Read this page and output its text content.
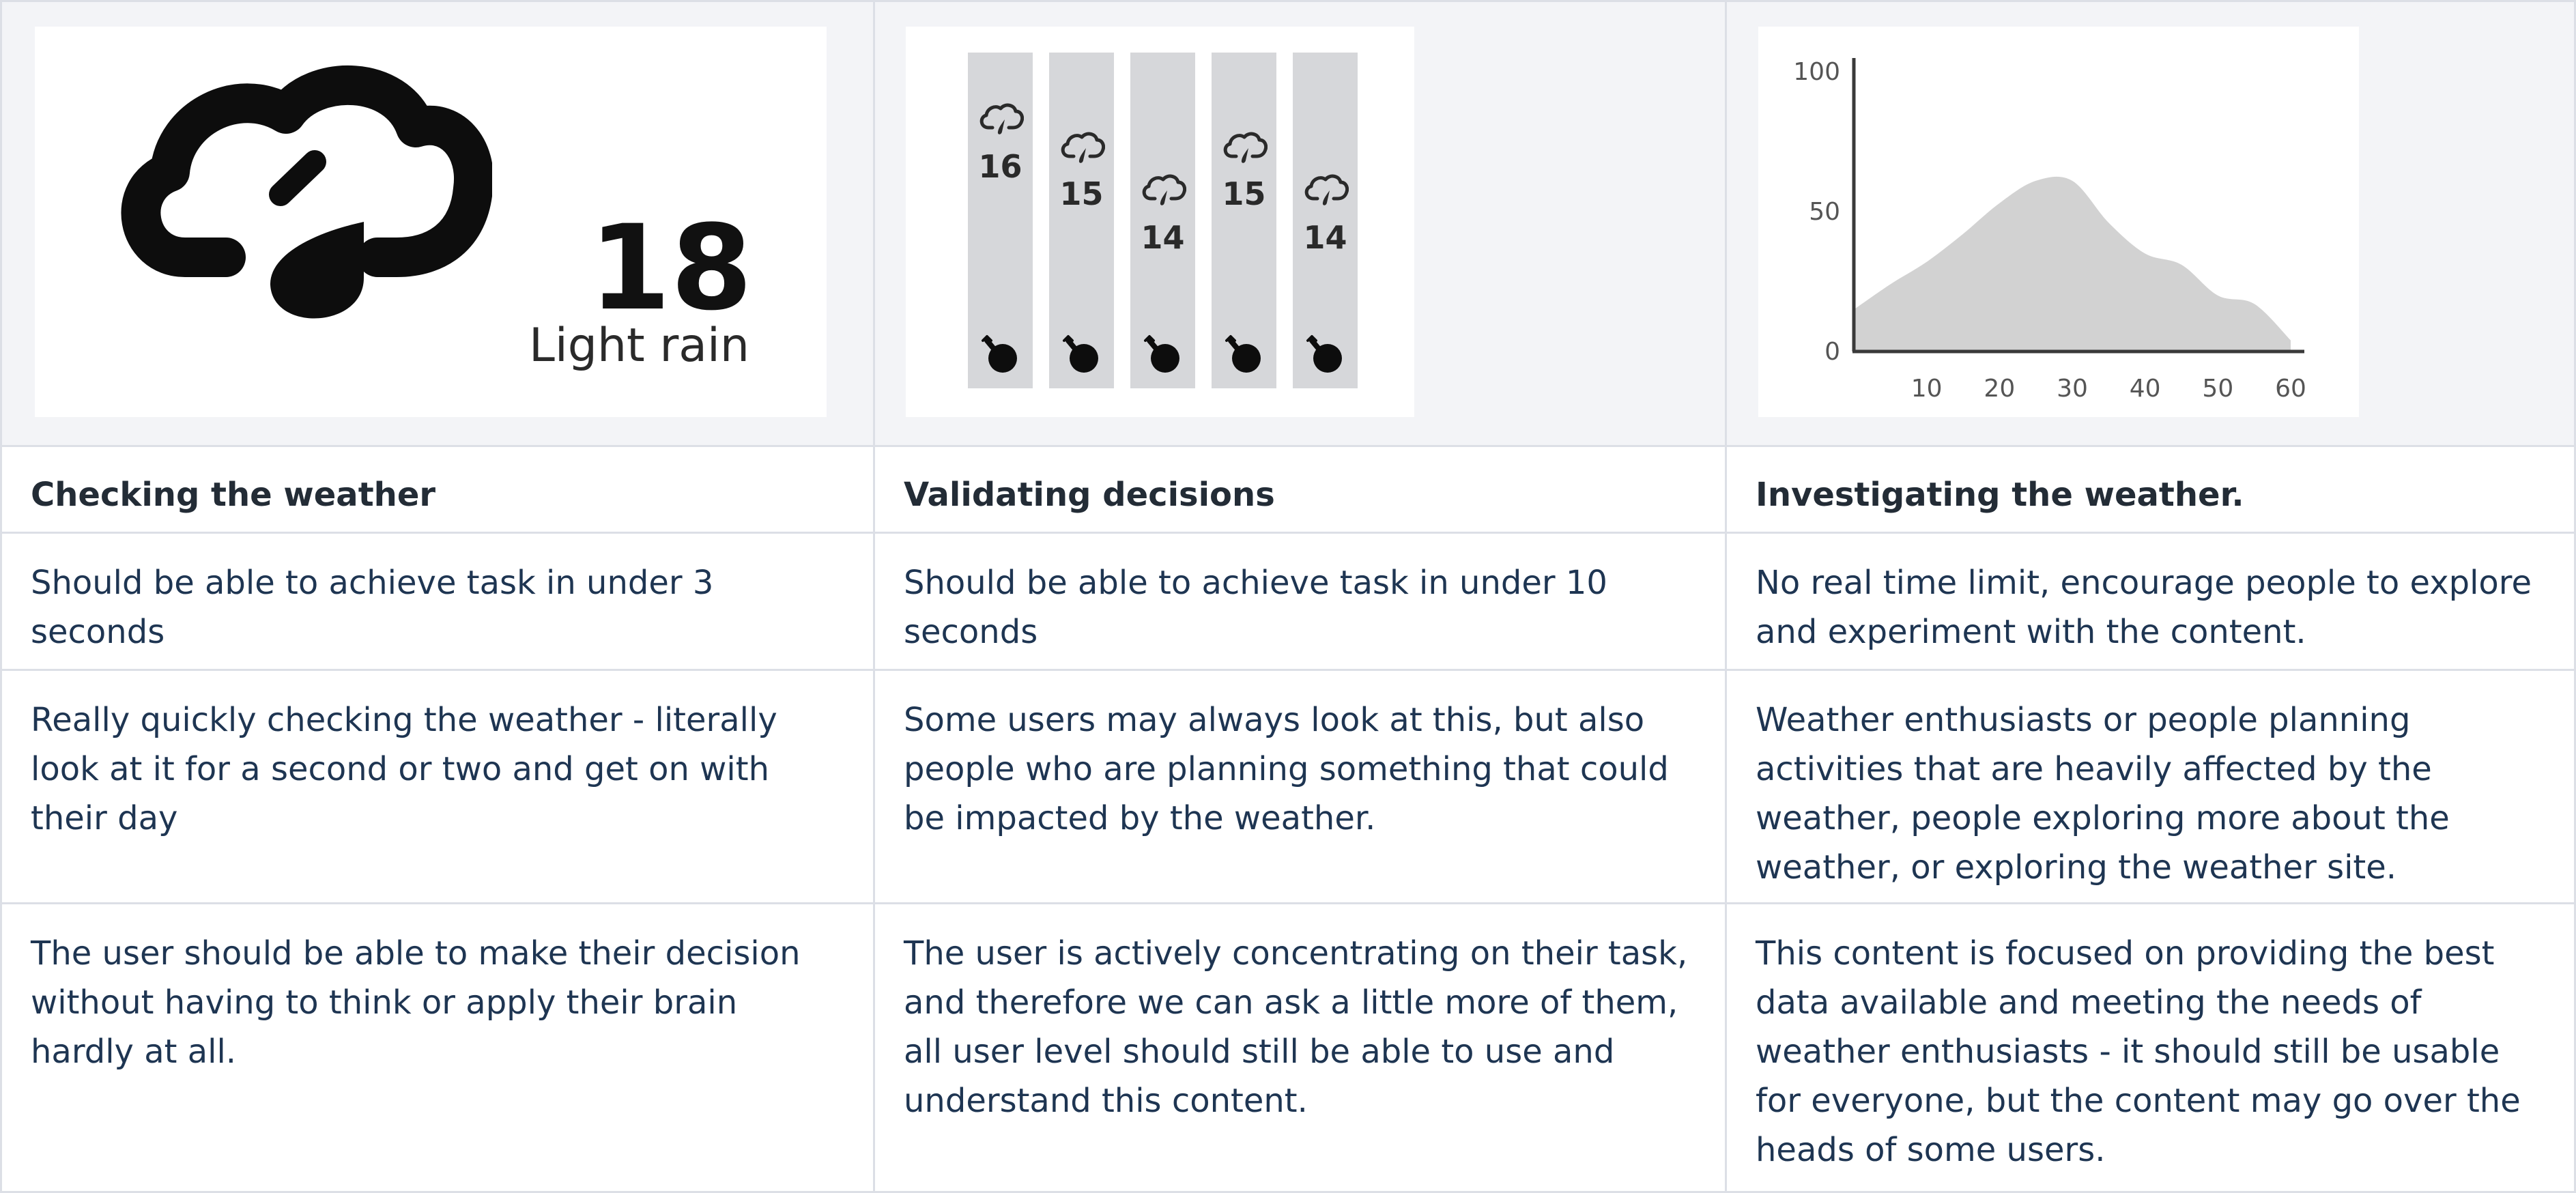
18
Light rain
16
15
14
15
14
100
50
0
10 20 30 40 50 60
Checking the weather	Validating decisions	Investigating the weather.
Should be able to achieve task in under 3 seconds
Should be able to achieve task in under 10 seconds
No real time limit, encourage people to explore and experiment with the content.
Really quickly checking the weather - literally look at it for a second or two and get on with their day
Some users may always look at this, but also people who are planning something that could be impacted by the weather.
Weather enthusiasts or people planning activities that are heavily affected by the weather, people exploring more about the weather, or exploring the weather site.
The user should be able to make their decision without having to think or apply their brain hardly at all.
The user is actively concentrating on their task, and therefore we can ask a little more of them, all user level should still be able to use and understand this content.
This content is focused on providing the best data available and meeting the needs of weather enthusiasts - it should still be usable for everyone, but the content may go over the heads of some users.
